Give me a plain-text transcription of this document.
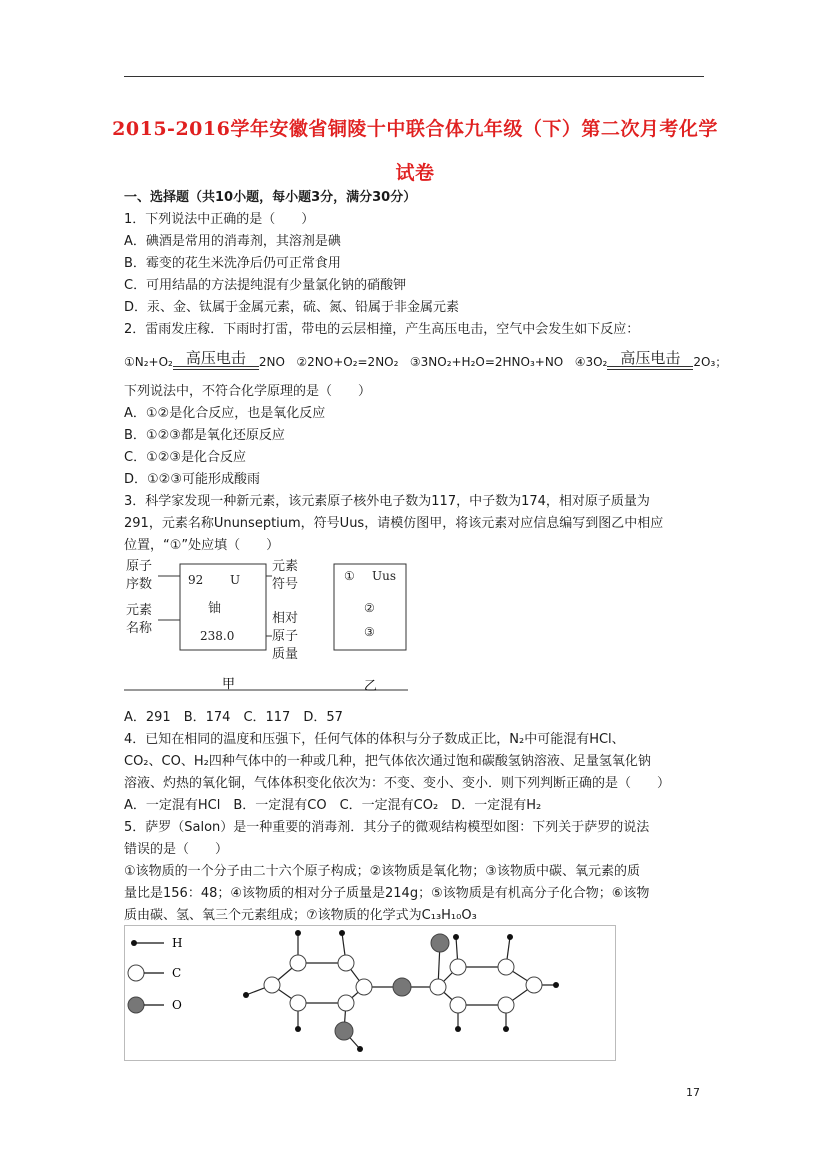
2015-2016学年安徽省铜陵十中联合体九年级（下）第二次月考化学
试卷
一、选择题（共10小题，每小题3分，满分30分）
1．下列说法中正确的是（　　）
A．碘酒是常用的消毒剂，其溶剂是碘
B．霉变的花生米洗净后仍可正常食用
C．可用结晶的方法提纯混有少量氯化钠的硝酸钾
D．汞、金、钛属于金属元素，硫、氮、铅属于非金属元素
2．雷雨发庄稼．下雨时打雷，带电的云层相撞，产生高压电击，空气中会发生如下反应：
①N₂+O₂ 高压电击	2NO ②2NO+O₂=2NO₂ ③3NO₂+H₂O=2HNO₃+NO ④3O₂ 高压电击	2O₃；
下列说法中，不符合化学原理的是（　　）
A．①②是化合反应，也是氧化反应
B．①②③都是氧化还原反应
C．①②③是化合反应
D．①②③可能形成酸雨
3．科学家发现一种新元素，该元素原子核外电子数为117，中子数为174，相对原子质量为
291，元素名称Ununseptium，符号Uus，请模仿图甲，将该元素对应信息编写到图乙中相应
位置，“①”处应填（　　）
原子
序数
元素
名称
元素
符号
相对
原子
质量
92 U
铀
238.0
① Uus
②
③
甲	乙
A．291　B．174　C．117　D．57
4．已知在相同的温度和压强下，任何气体的体积与分子数成正比，N₂中可能混有HCl、
CO₂、CO、H₂四种气体中的一种或几种，把气体依次通过饱和碳酸氢钠溶液、足量氢氧化钠
溶液、灼热的氧化铜，气体体积变化依次为：不变、变小、变小．则下列判断正确的是（　　）
A．一定混有HCl　B．一定混有CO　C．一定混有CO₂　D．一定混有H₂
5．萨罗（Salon）是一种重要的消毒剂．其分子的微观结构模型如图：下列关于萨罗的说法
错误的是（　　）
①该物质的一个分子由二十六个原子构成；②该物质是氧化物；③该物质中碳、氧元素的质
量比是156：48；④该物质的相对分子质量是214g；⑤该物质是有机高分子化合物；⑥该物
质由碳、氢、氧三个元素组成；⑦该物质的化学式为C₁₃H₁₀O₃
H
C
O
17
